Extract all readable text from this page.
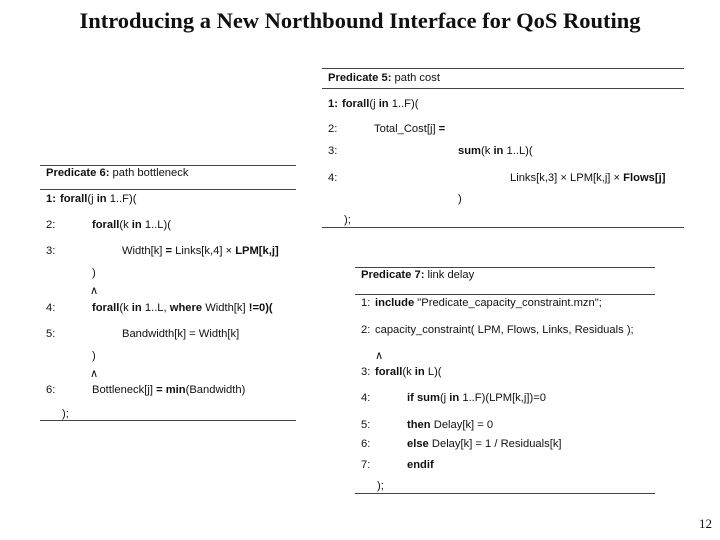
Introducing a New Northbound Interface for QoS Routing
Predicate 5: path cost
1: forall(j in 1..F)(
2:	Total_Cost[j] =
3:	sum(k in 1..L)(
4:	Links[k,3] × LPM[k,j] × Flows[j]
)
);
Predicate 6: path bottleneck
1: forall(j in 1..F)(
2:	forall(k in 1..L)(
3:	Width[k] = Links[k,4] × LPM[k,j]
)
∧
4:	forall(k in 1..L, where Width[k] !=0)(
5:	Bandwidth[k] = Width[k]
)
∧
6:	Bottleneck[j] = min(Bandwidth)
);
Predicate 7: link delay
1: include "Predicate_capacity_constraint.mzn";
2: capacity_constraint( LPM, Flows, Links, Residuals );
∧
3: forall(k in L)(
4:	if sum(j in 1..F)(LPM[k,j])=0
5:	then Delay[k] = 0
6:	else Delay[k] = 1 / Residuals[k]
7:	endif
);
12
